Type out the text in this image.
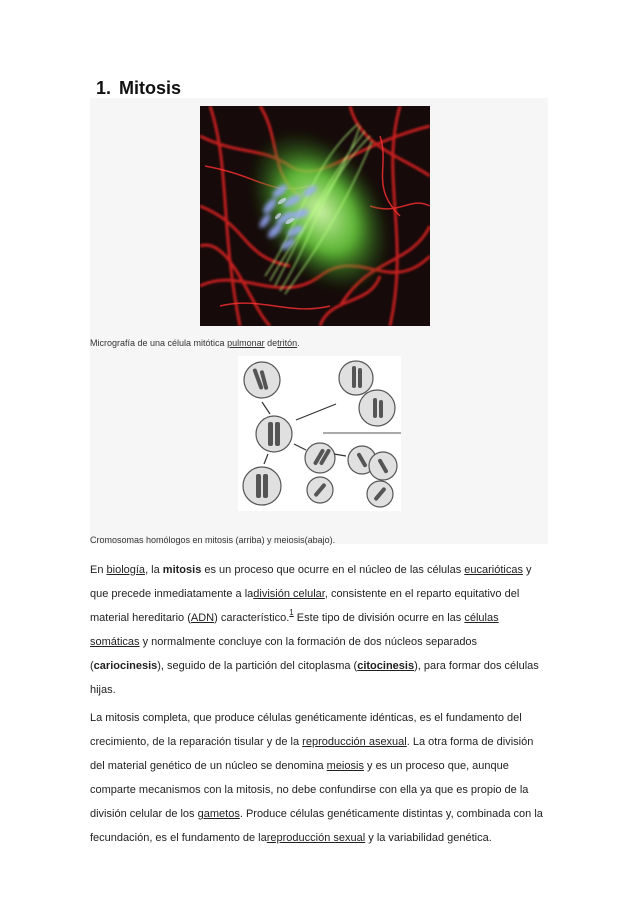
1. Mitosis
Micrografía de una célula mitótica pulmonar detritón.
Cromosomas homólogos en mitosis (arriba) y meiosis(abajo).

En biología, la mitosis es un proceso que ocurre en el núcleo de las células eucarióticas y que precede inmediatamente a ladivisión celular, consistente en el reparto equitativo del material hereditario (ADN) característico.$^1$ Este tipo de división ocurre en las células somáticas y normalmente concluye con la formación de dos núcleos separados (cariocinesis), seguido de la partición del citoplasma (citocinesis), para formar dos células hijas.

La mitosis completa, que produce células genéticamente idénticas, es el fundamento del crecimiento, de la reparación tisular y de la reproducción asexual. La otra forma de división del material genético de un núcleo se denomina meiosis y es un proceso que, aunque comparte mecanismos con la mitosis, no debe confundirse con ella ya que es propio de la división celular de los gametos. Produce células genéticamente distintas y, combinada con la fecundación, es el fundamento de lareproducción sexual y la variabilidad genética.
